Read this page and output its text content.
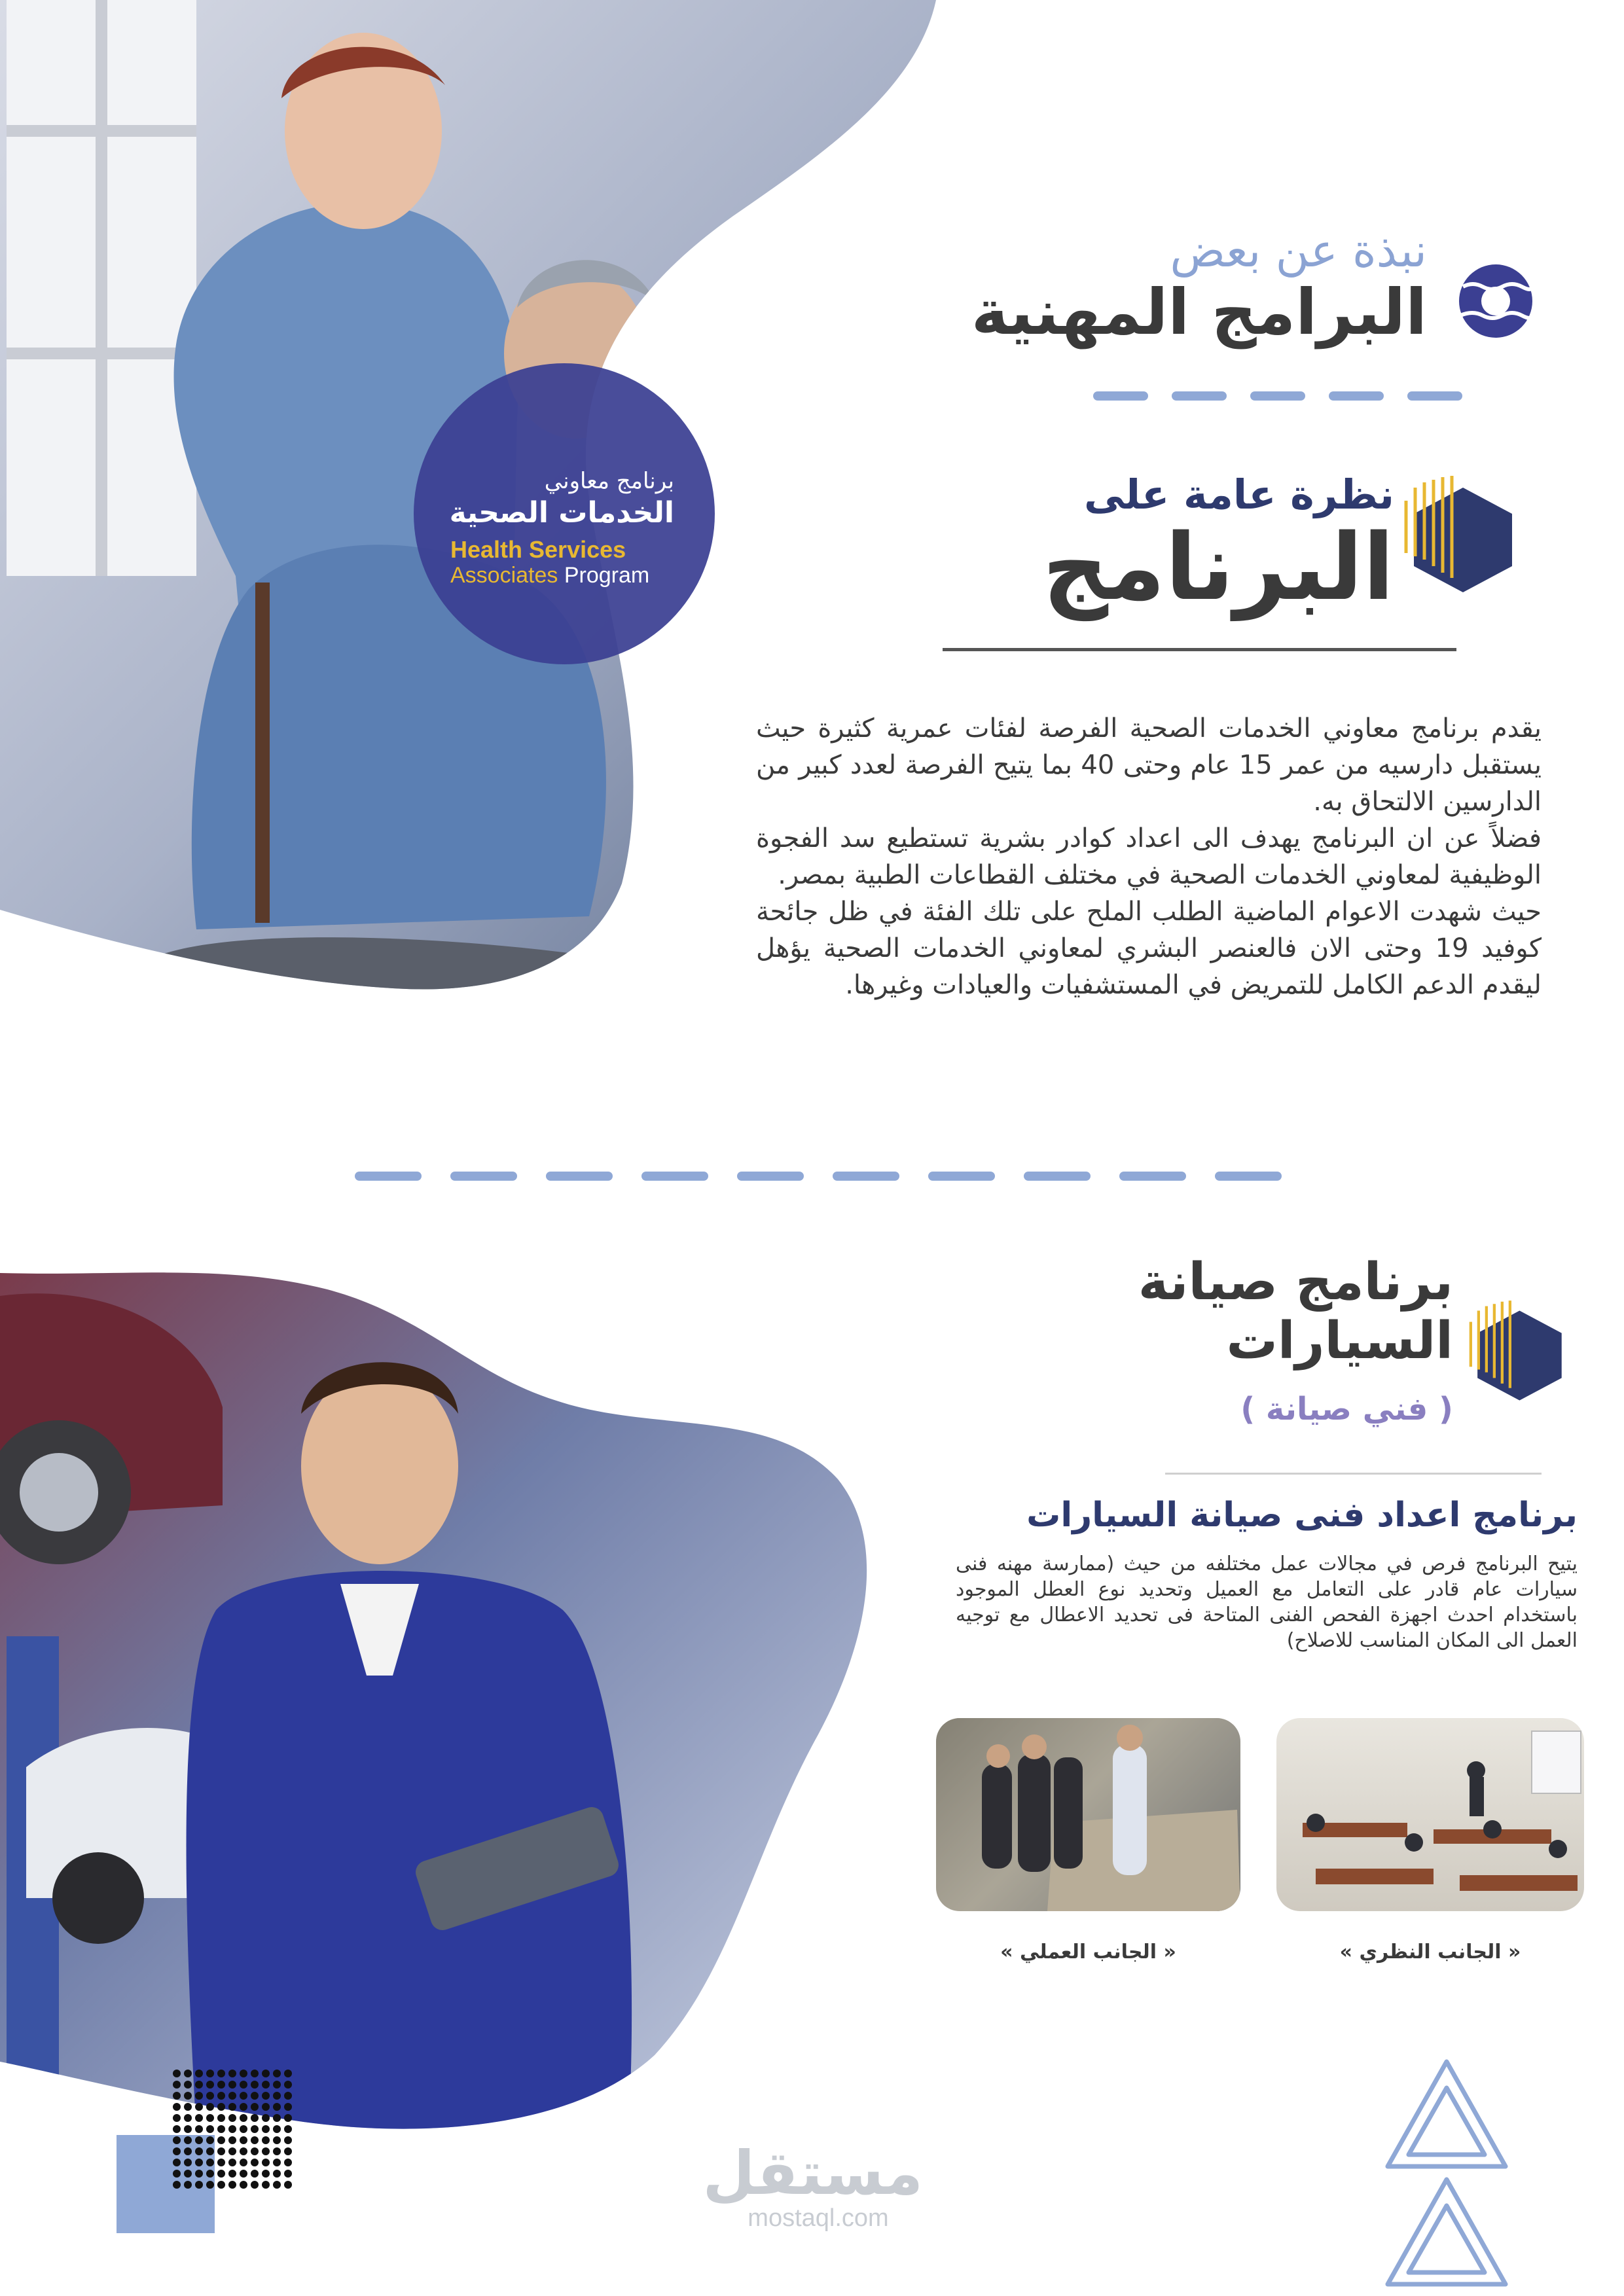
نبذة عن بعض
البرامج المهنية
برنامج معاوني
الخدمات الصحية
Health Services
Associates Program
نظرة عامة على
البرنامج

يقدم برنامج معاوني الخدمات الصحية الفرصة لفئات عمرية كثيرة حيث يستقبل دارسيه من عمر 15 عام وحتى 40 بما يتيح الفرصة لعدد كبير من الدارسين الالتحاق به.

فضلاً عن ان البرنامج يهدف الى اعداد كوادر بشرية تستطيع سد الفجوة الوظيفية لمعاوني الخدمات الصحية في مختلف القطاعات الطبية بمصر.

حيث شهدت الاعوام الماضية الطلب الملح على تلك الفئة في ظل جائحة كوفيد 19 وحتى الان فالعنصر البشري لمعاوني الخدمات الصحية يؤهل ليقدم الدعم الكامل للتمريض في المستشفيات والعيادات وغيرها.

برنامج صيانة
السيارات
( فني صيانة )
برنامج اعداد فنى صيانة السيارات
يتيح البرنامج فرص في مجالات عمل مختلفه من حيث (ممارسة مهنه فنى سيارات عام قادر على التعامل مع العميل وتحديد نوع العطل الموجود باستخدام احدث اجهزة الفحص الفنى المتاحة فى تحديد الاعطال مع توجيه العمل الى المكان المناسب للاصلاح)
« الجانب العملي »	« الجانب النظري »
مستقل
mostaql.com
